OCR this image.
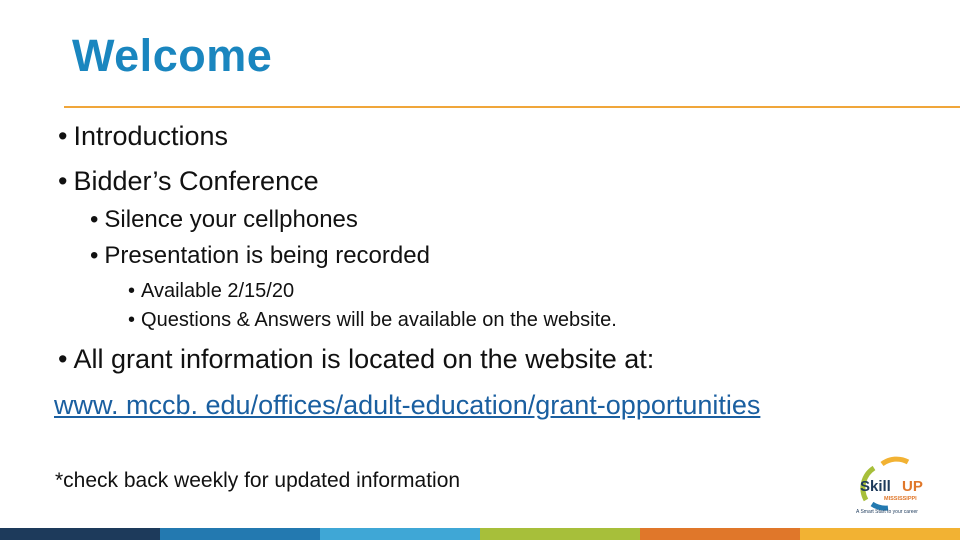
Welcome
• Introductions
• Bidder’s Conference
• Silence your cellphones
• Presentation is being recorded
• Available 2/15/20
• Questions & Answers will be available on the website.
• All grant information is located on the website at:
www. mccb. edu/offices/adult-education/grant-opportunities
*check back weekly for updated information	Skill UP
MISSISSIPPI
A Smart Start to your career
